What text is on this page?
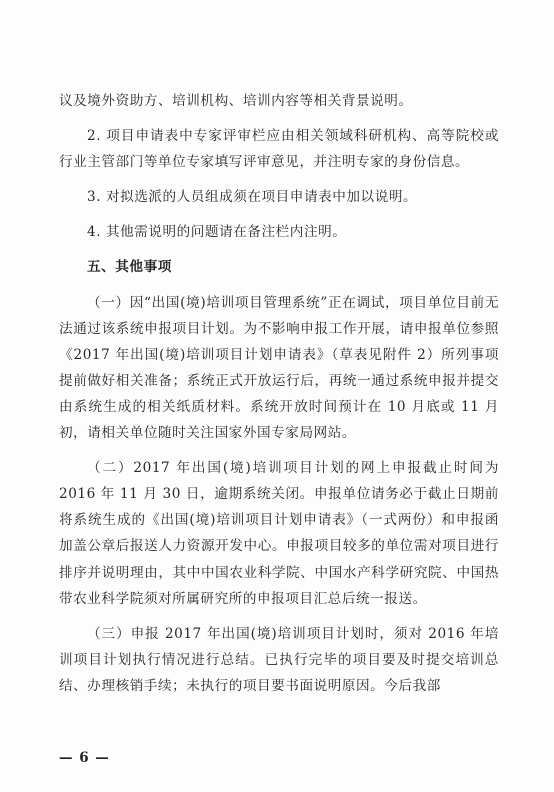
议及境外资助方、培训机构、培训内容等相关背景说明。

2. 项目申请表中专家评审栏应由相关领域科研机构、高等院校或行业主管部门等单位专家填写评审意见，并注明专家的身份信息。

3. 对拟选派的人员组成须在项目申请表中加以说明。

4. 其他需说明的问题请在备注栏内注明。

五、其他事项

（一）因“出国(境)培训项目管理系统”正在调试，项目单位目前无法通过该系统申报项目计划。为不影响申报工作开展，请申报单位参照《2017 年出国(境)培训项目计划申请表》（草表见附件 2）所列事项提前做好相关准备；系统正式开放运行后，再统一通过系统申报并提交由系统生成的相关纸质材料。系统开放时间预计在 10 月底或 11 月初，请相关单位随时关注国家外国专家局网站。

（二）2017 年出国(境)培训项目计划的网上申报截止时间为 2016 年 11 月 30 日，逾期系统关闭。申报单位请务必于截止日期前将系统生成的《出国(境)培训项目计划申请表》（一式两份）和申报函加盖公章后报送人力资源开发中心。申报项目较多的单位需对项目进行排序并说明理由，其中中国农业科学院、中国水产科学研究院、中国热带农业科学院须对所属研究所的申报项目汇总后统一报送。

（三）申报 2017 年出国(境)培训项目计划时，须对 2016 年培训项目计划执行情况进行总结。已执行完毕的项目要及时提交培训总结、办理核销手续；未执行的项目要书面说明原因。今后我部

— 6 —
